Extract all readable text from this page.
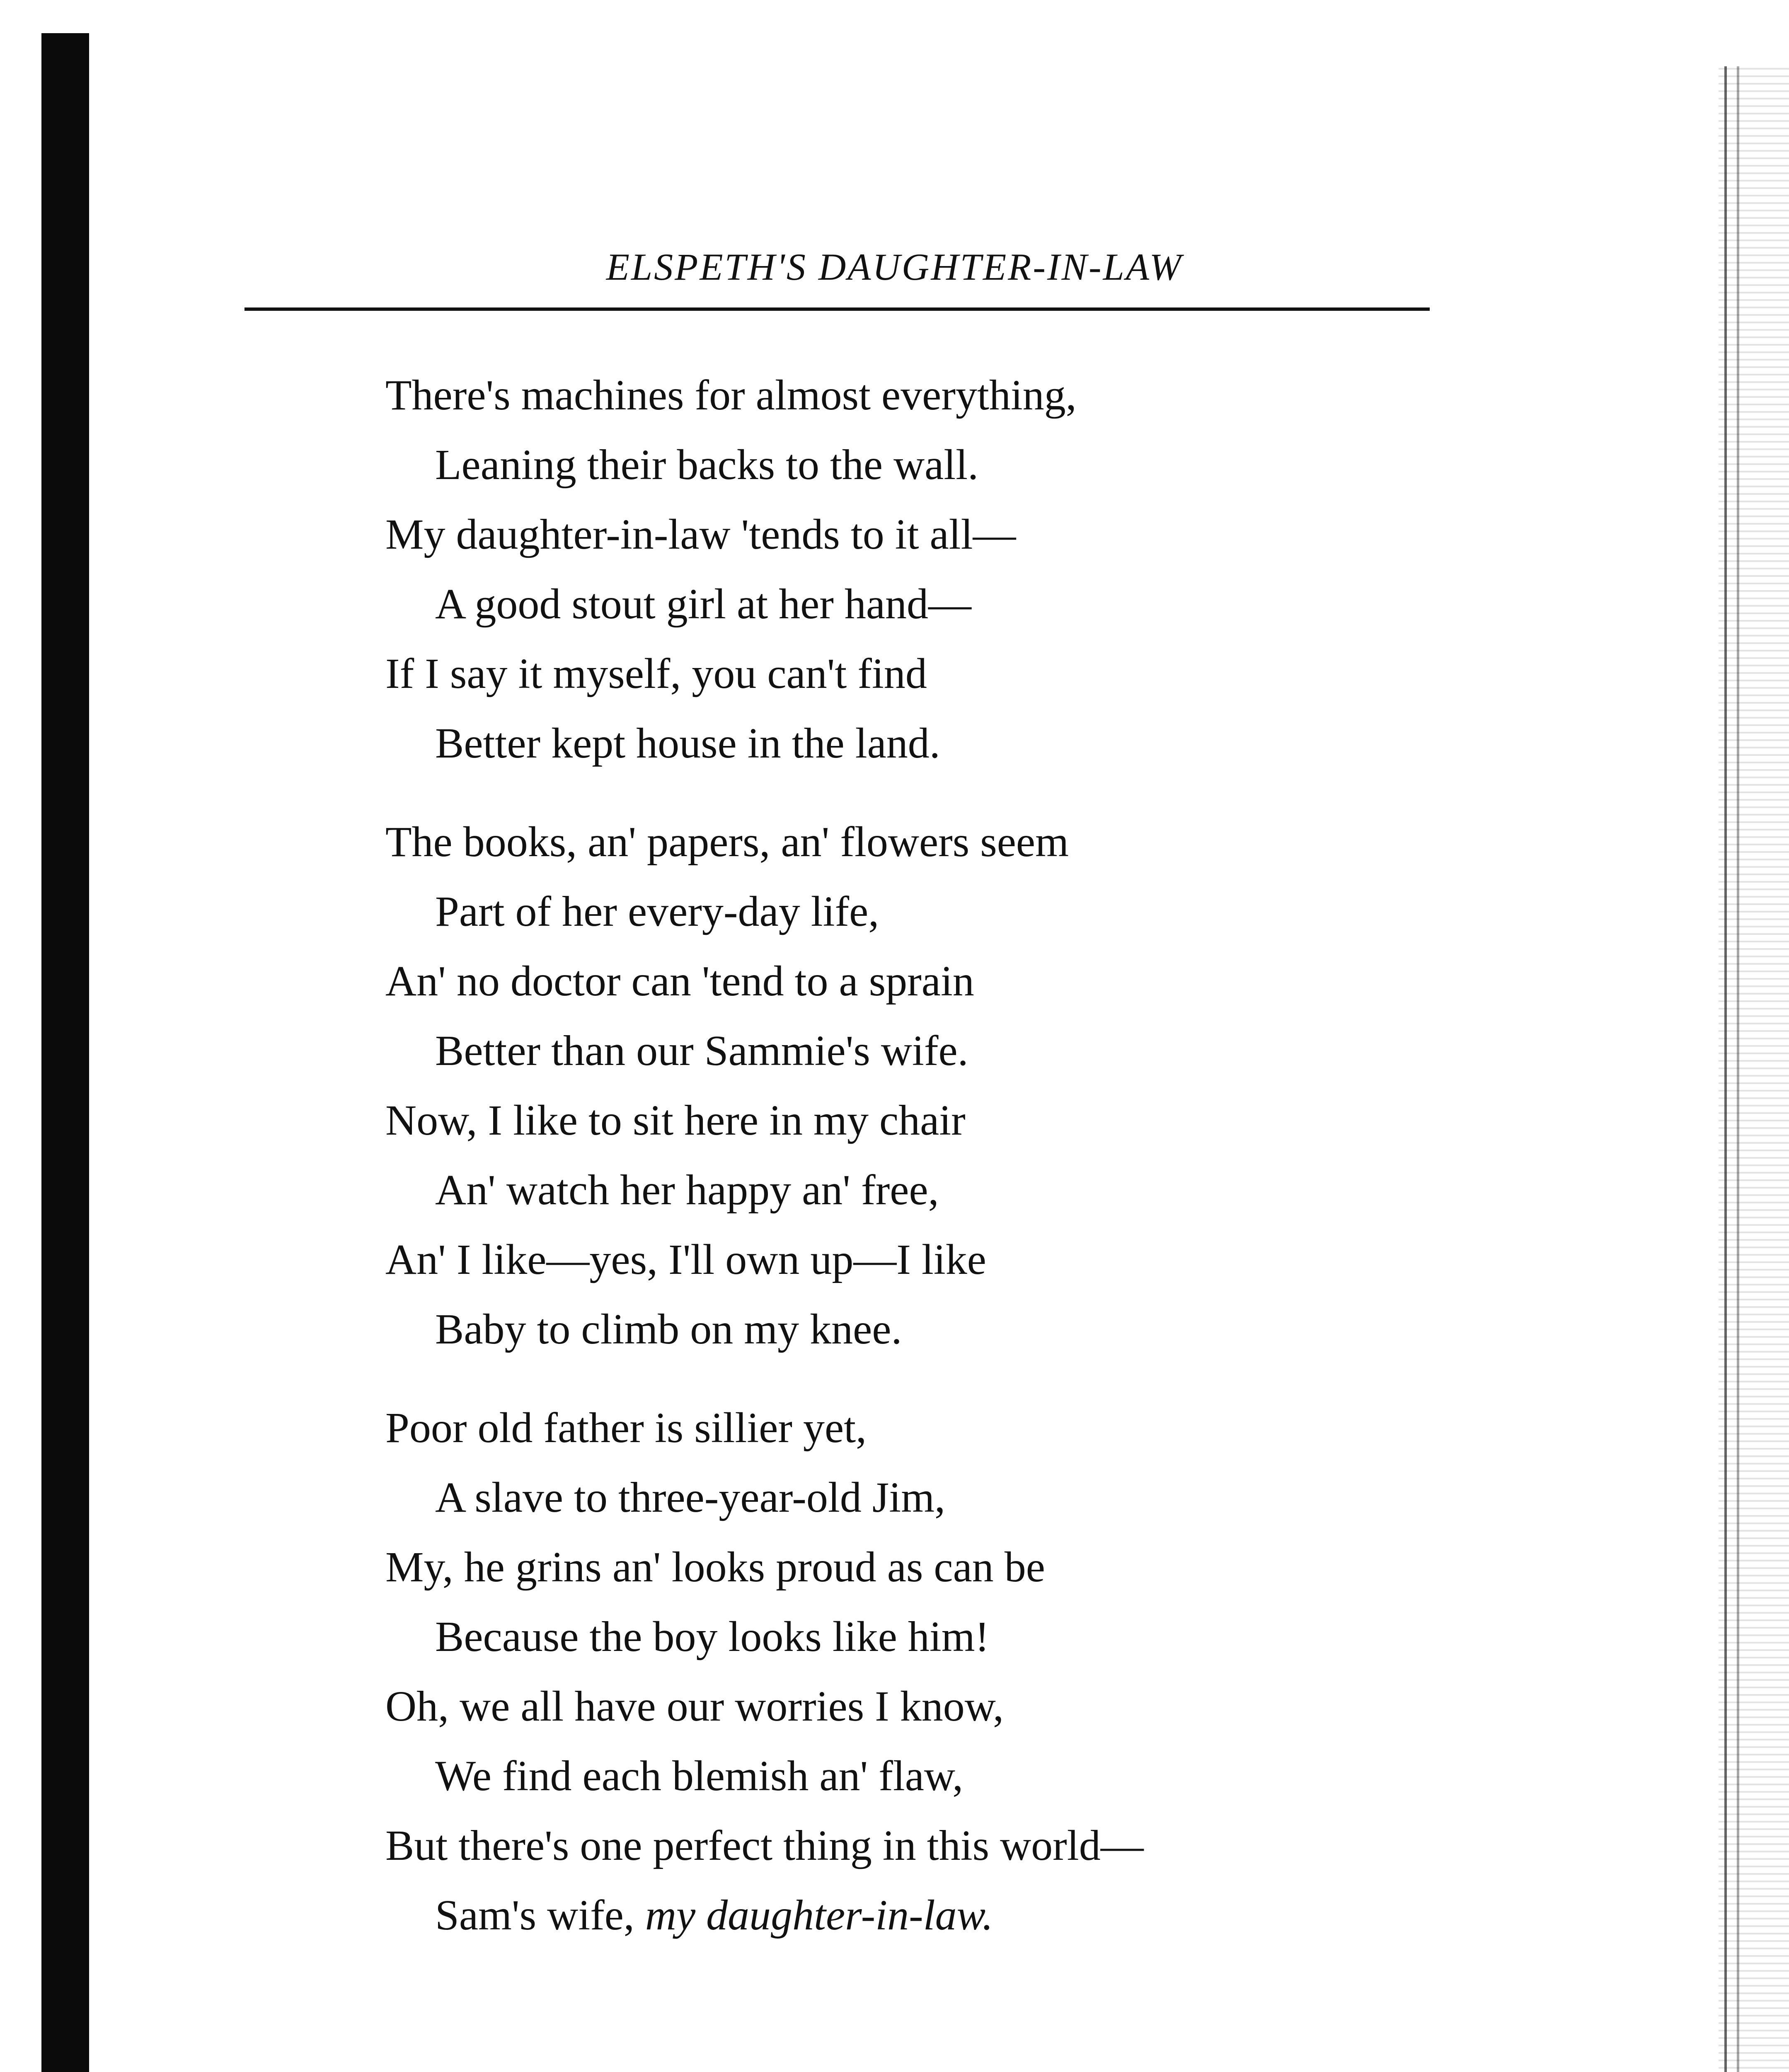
ELSPETH'S DAUGHTER-IN-LAW
There's machines for almost everything,
Leaning their backs to the wall.
My daughter-in-law 'tends to it all—
A good stout girl at her hand—
If I say it myself, you can't find
Better kept house in the land.
The books, an' papers, an' flowers seem
Part of her every-day life,
An' no doctor can 'tend to a sprain
Better than our Sammie's wife.
Now, I like to sit here in my chair
An' watch her happy an' free,
An' I like—yes, I'll own up—I like
Baby to climb on my knee.
Poor old father is sillier yet,
A slave to three-year-old Jim,
My, he grins an' looks proud as can be
Because the boy looks like him!
Oh, we all have our worries I know,
We find each blemish an' flaw,
But there's one perfect thing in this world—
Sam's wife, my daughter-in-law.
